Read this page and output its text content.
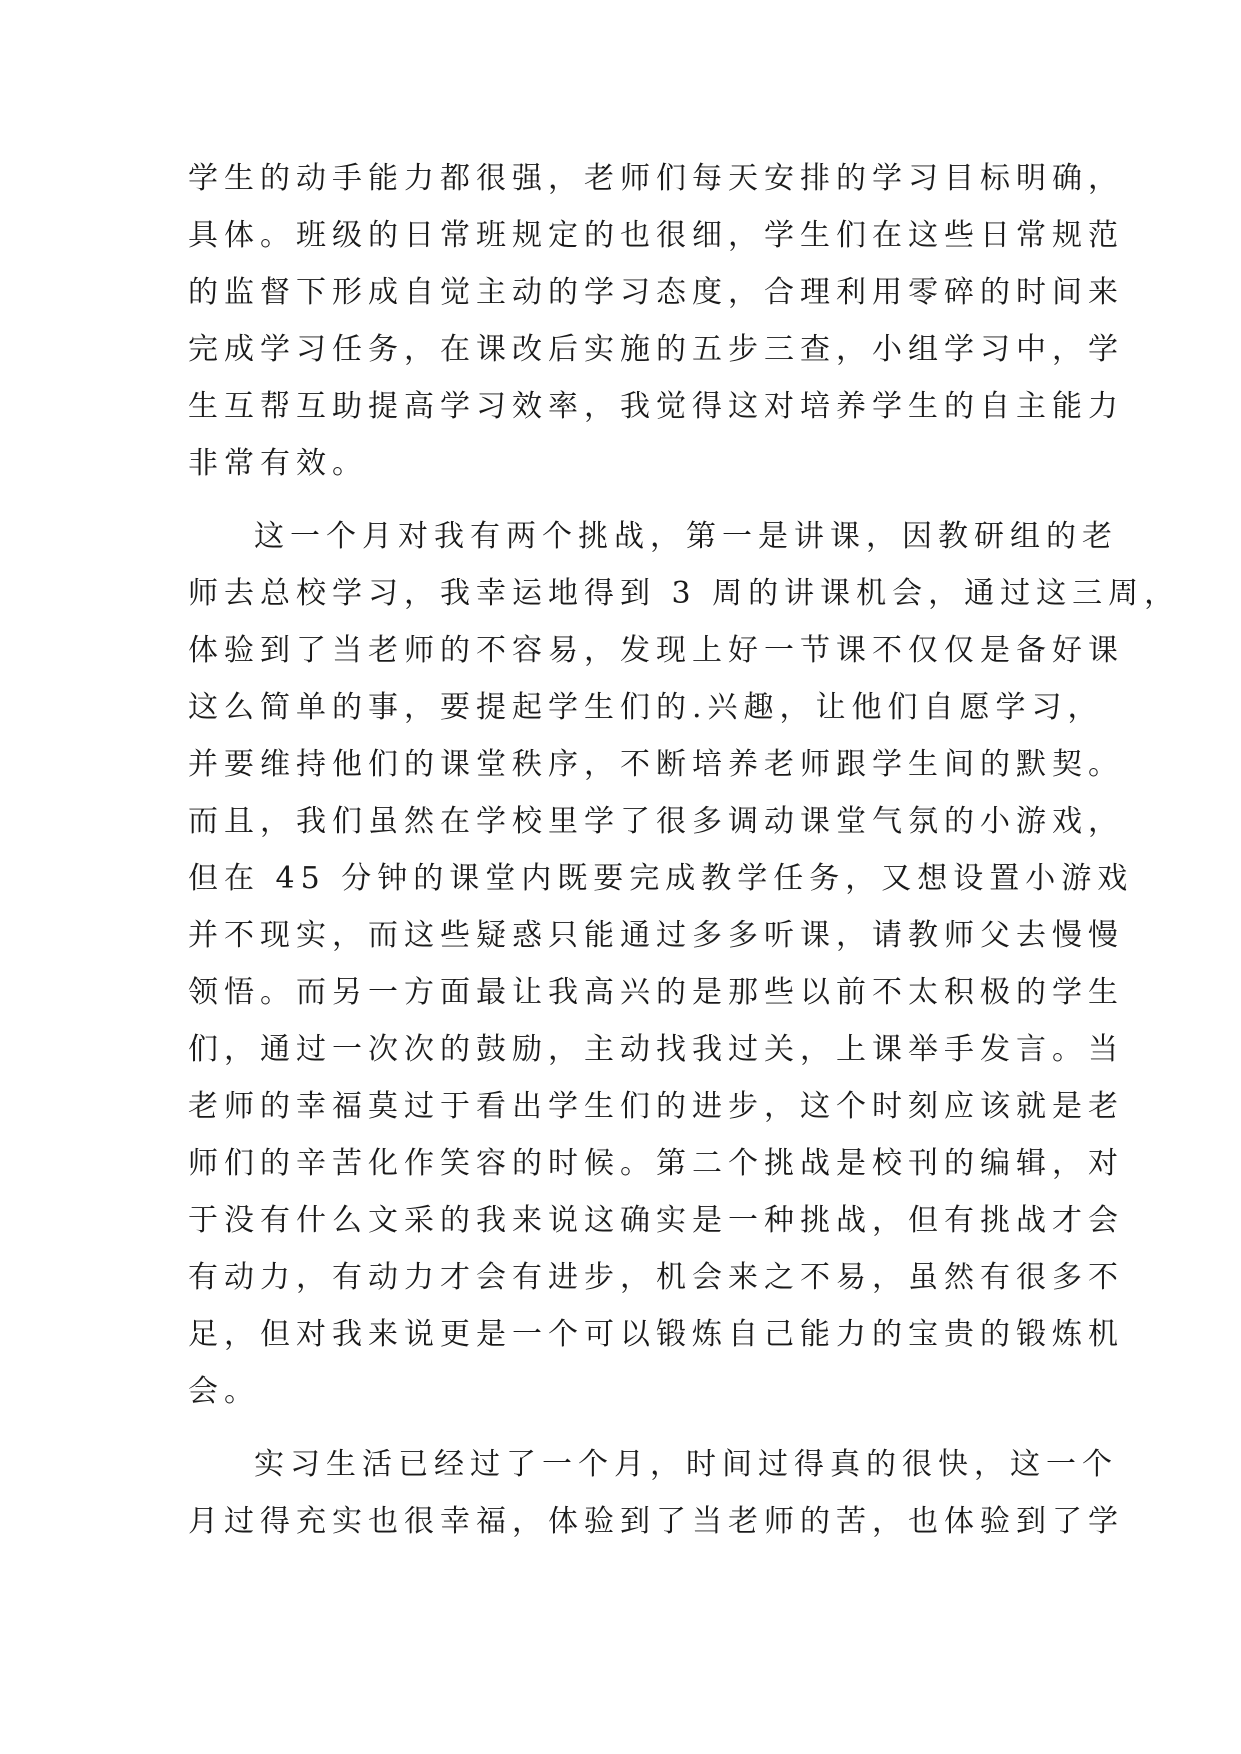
学生的动手能力都很强，老师们每天安排的学习目标明确，
具体。班级的日常班规定的也很细，学生们在这些日常规范
的监督下形成自觉主动的学习态度，合理利用零碎的时间来
完成学习任务，在课改后实施的五步三查，小组学习中，学
生互帮互助提高学习效率，我觉得这对培养学生的自主能力
非常有效。
这一个月对我有两个挑战，第一是讲课，因教研组的老
师去总校学习，我幸运地得到 3 周的讲课机会，通过这三周，
体验到了当老师的不容易，发现上好一节课不仅仅是备好课
这么简单的事，要提起学生们的.兴趣，让他们自愿学习，
并要维持他们的课堂秩序，不断培养老师跟学生间的默契。
而且，我们虽然在学校里学了很多调动课堂气氛的小游戏，
但在 45 分钟的课堂内既要完成教学任务，又想设置小游戏
并不现实，而这些疑惑只能通过多多听课，请教师父去慢慢
领悟。而另一方面最让我高兴的是那些以前不太积极的学生
们，通过一次次的鼓励，主动找我过关，上课举手发言。当
老师的幸福莫过于看出学生们的进步，这个时刻应该就是老
师们的辛苦化作笑容的时候。第二个挑战是校刊的编辑，对
于没有什么文采的我来说这确实是一种挑战，但有挑战才会
有动力，有动力才会有进步，机会来之不易，虽然有很多不
足，但对我来说更是一个可以锻炼自己能力的宝贵的锻炼机
会。
实习生活已经过了一个月，时间过得真的很快，这一个
月过得充实也很幸福，体验到了当老师的苦，也体验到了学
